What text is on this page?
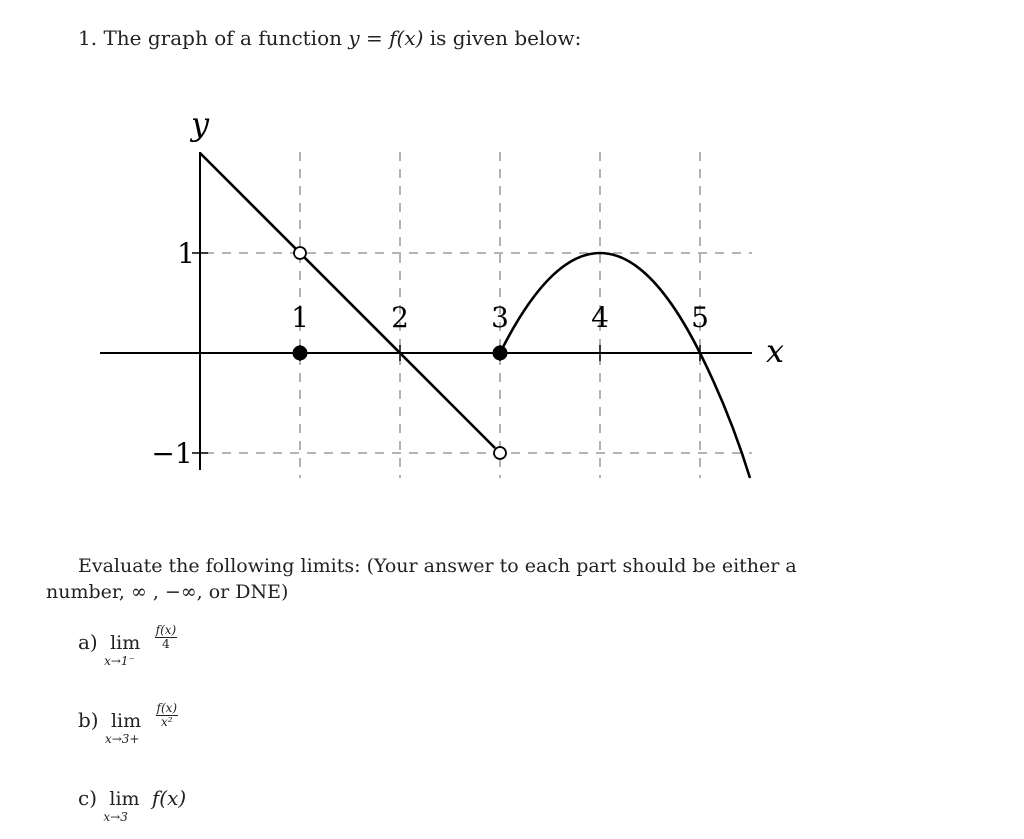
1. The graph of a function y = f(x) is given below:
y
x
1	2	3	4	5
1
−1
Evaluate the following limits: (Your answer to each part should be either a
number, ∞ , −∞, or DNE)
a) lim
x→1⁻

$\frac{f(x)}{4}$
b) lim
x→3+

$\frac{f(x)}{\text{x²}}$
c) lim
x→3
f(x)
